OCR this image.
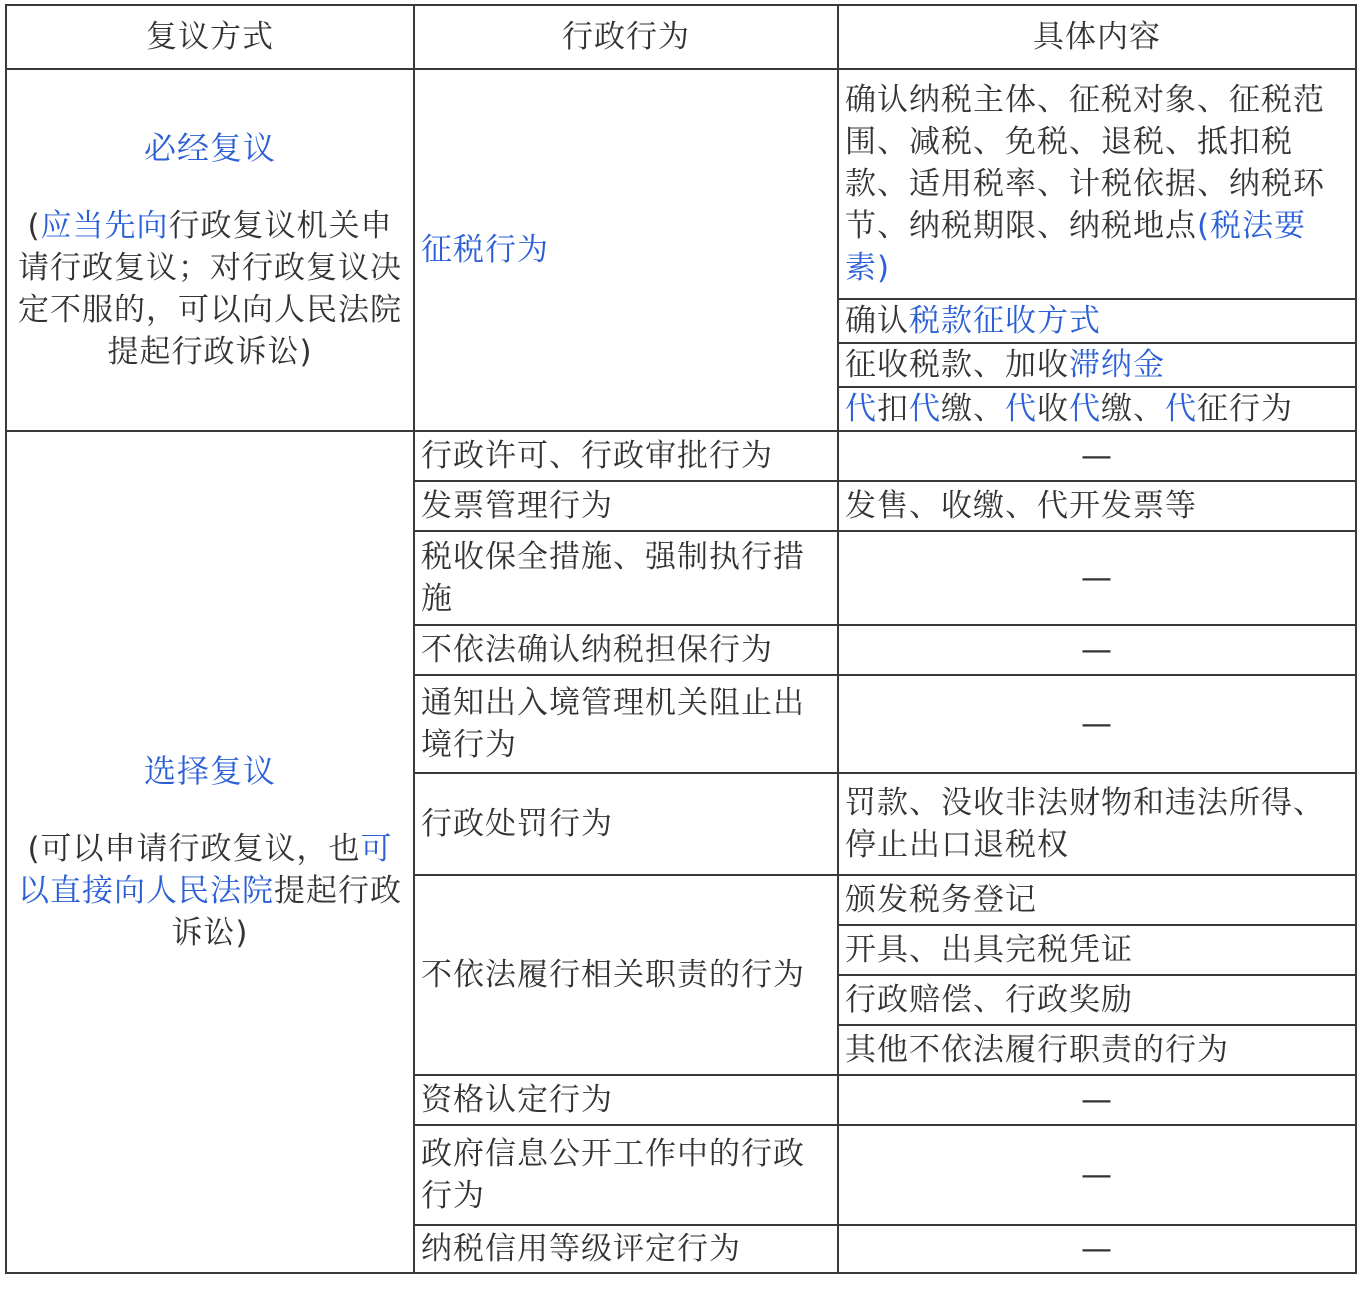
复议方式	行政行为	具体内容

必经复议
(应当先向行政复议机关申请行政复议；对行政复议决定不服的，可以向人民法院提起行政诉讼)	征税行为	确认纳税主体、征税对象、征税范围、减税、免税、退税、抵扣税款、适用税率、计税依据、纳税环节、纳税期限、纳税地点(税法要素)
		确认税款征收方式
		征收税款、加收滞纳金
		代扣代缴、代收代缴、代征行为

选择复议
(可以申请行政复议，也可以直接向人民法院提起行政诉讼)	行政许可、行政审批行为	—
	发票管理行为	发售、收缴、代开发票等
	税收保全措施、强制执行措施	—
	不依法确认纳税担保行为	—
	通知出入境管理机关阻止出境行为	—
	行政处罚行为	罚款、没收非法财物和违法所得、停止出口退税权
	不依法履行相关职责的行为	颁发税务登记
		开具、出具完税凭证
		行政赔偿、行政奖励
		其他不依法履行职责的行为
	资格认定行为	—
	政府信息公开工作中的行政行为	—
	纳税信用等级评定行为	—
